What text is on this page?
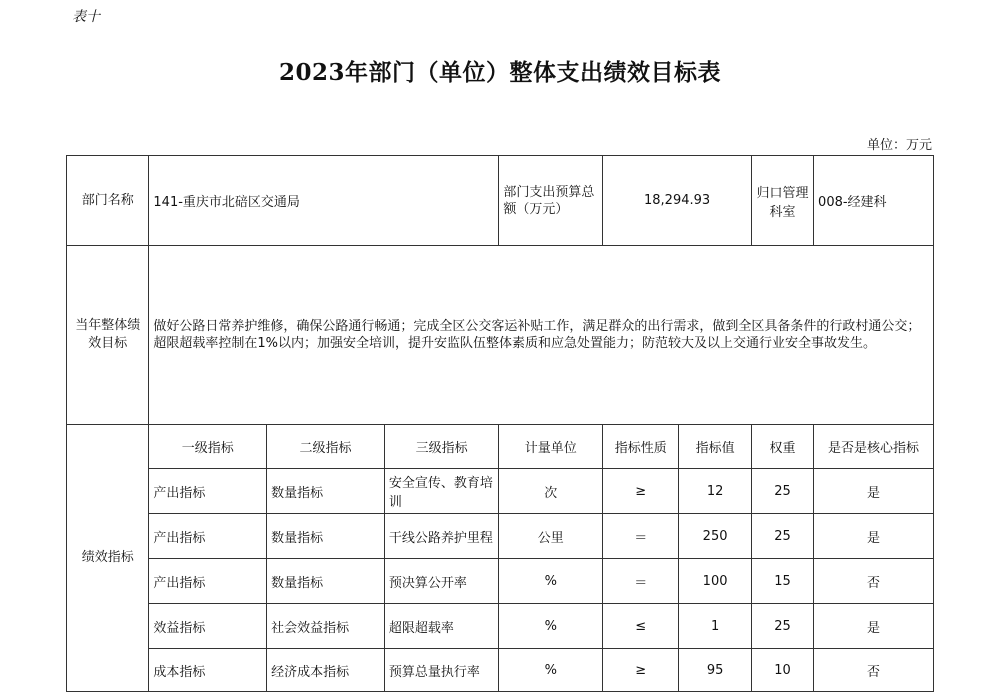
表十
2023年部门（单位）整体支出绩效目标表
单位：万元
部门名称	141-重庆市北碚区交通局			部门支出预算总额（万元）	18,294.93		归口管理科室	008-经建科
当年整体绩效目标	做好公路日常养护维修，确保公路通行畅通；完成全区公交客运补贴工作，满足群众的出行需求，做到全区具备条件的行政村通公交；超限超载率控制在1%以内；加强安全培训，提升安监队伍整体素质和应急处置能力；防范较大及以上交通行业安全事故发生。							
绩效指标	一级指标	二级指标	三级指标	计量单位	指标性质	指标值	权重	是否是核心指标
	产出指标	数量指标	安全宣传、教育培训	次	≥	12	25	是
	产出指标	数量指标	干线公路养护里程	公里	＝	250	25	是
	产出指标	数量指标	预决算公开率	%	＝	100	15	否
	效益指标	社会效益指标	超限超载率	%	≤	1	25	是
	成本指标	经济成本指标	预算总量执行率	%	≥	95	10	否
